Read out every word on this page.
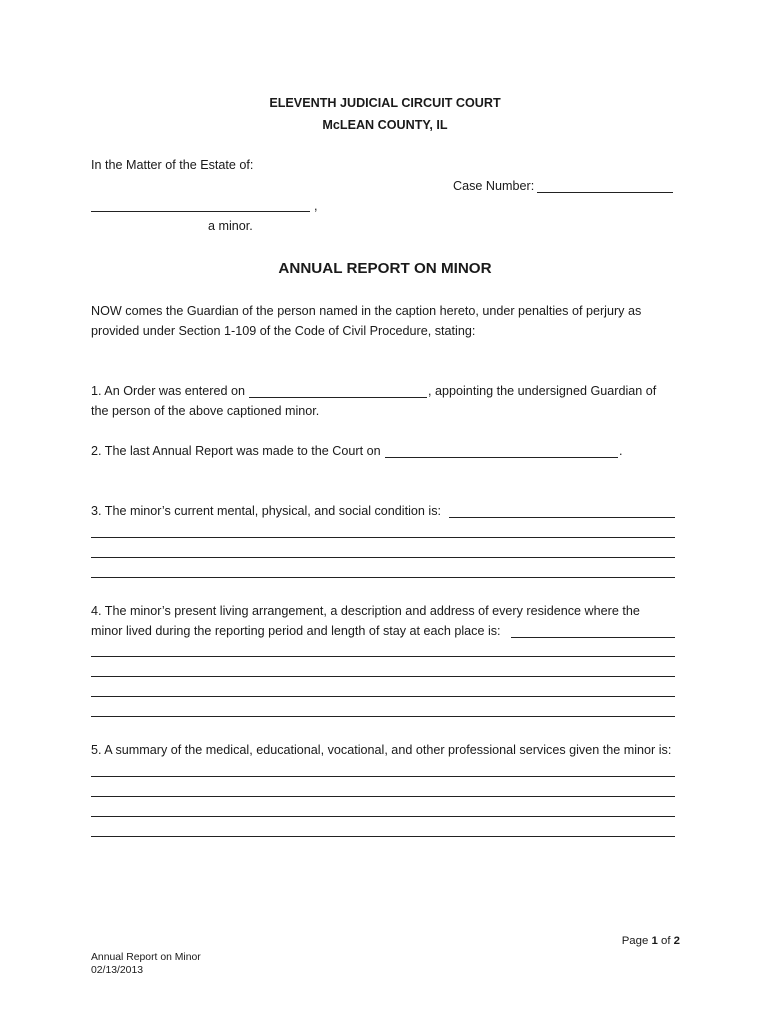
ELEVENTH JUDICIAL CIRCUIT COURT
McLEAN COUNTY, IL
In the Matter of the Estate of:
Case Number:
,
a minor.
ANNUAL REPORT ON MINOR
NOW comes the Guardian of the person named in the caption hereto, under penalties of perjury as
provided under Section 1-109 of the Code of Civil Procedure, stating:
1. An Order was entered on	, appointing the undersigned Guardian of
the person of the above captioned minor.
2. The last Annual Report was made to the Court on	.
3. The minor’s current mental, physical, and social condition is:
4. The minor’s present living arrangement, a description and address of every residence where the
minor lived during the reporting period and length of stay at each place is:
5. A summary of the medical, educational, vocational, and other professional services given the minor is:
Page 1 of 2
Annual Report on Minor
02/13/2013
